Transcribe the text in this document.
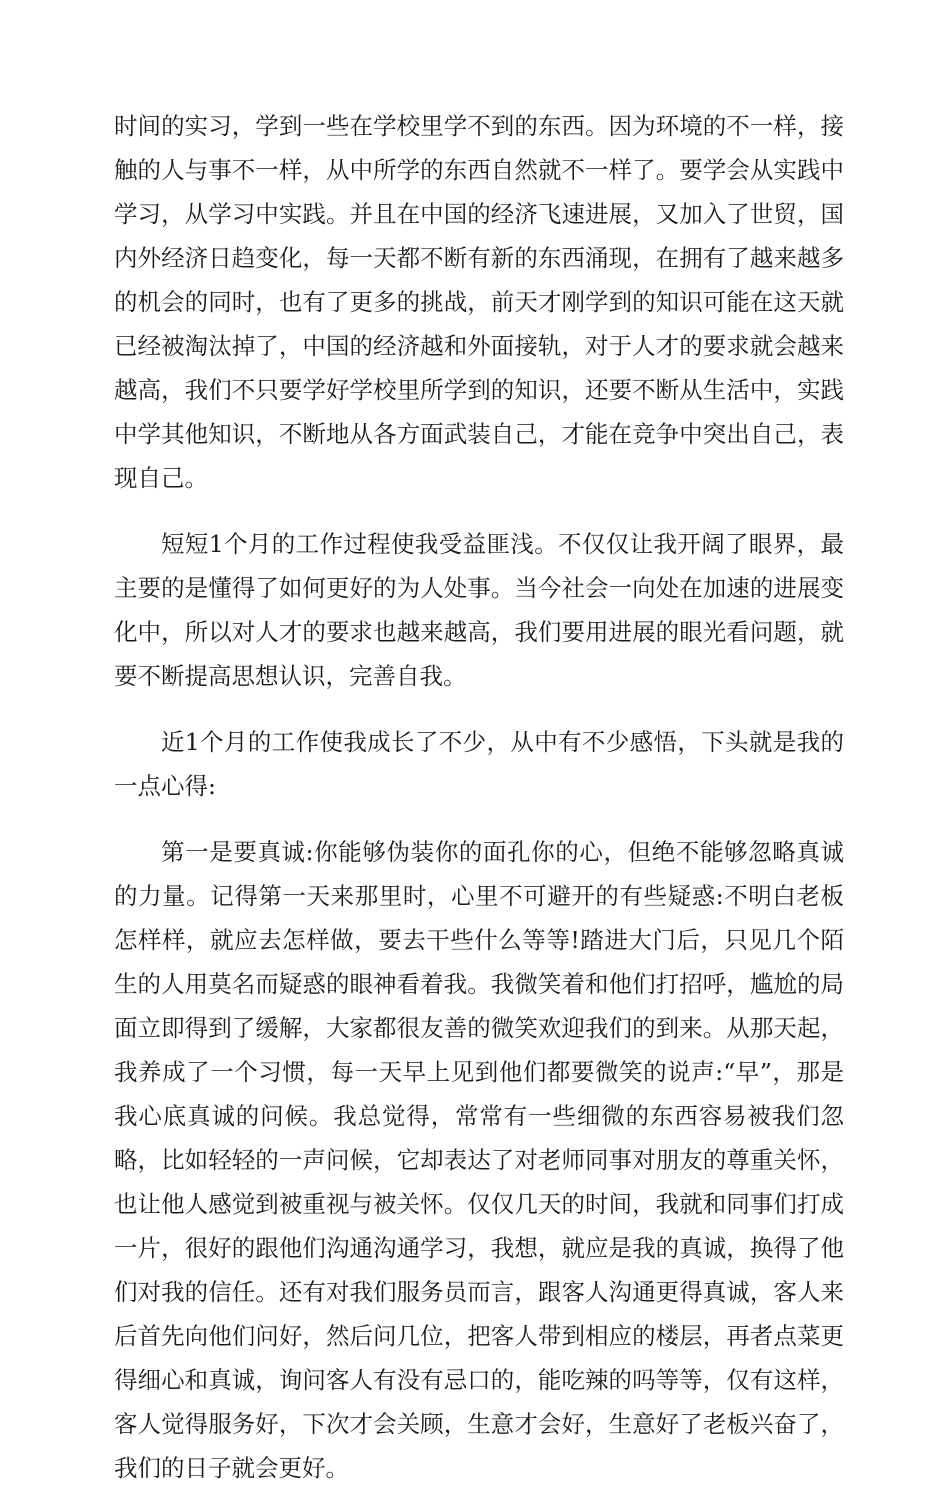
时间的实习，学到一些在学校里学不到的东西。因为环境的不一样，接触的人与事不一样，从中所学的东西自然就不一样了。要学会从实践中学习，从学习中实践。并且在中国的经济飞速进展，又加入了世贸，国内外经济日趋变化，每一天都不断有新的东西涌现，在拥有了越来越多的机会的同时，也有了更多的挑战，前天才刚学到的知识可能在这天就已经被淘汰掉了，中国的经济越和外面接轨，对于人才的要求就会越来越高，我们不只要学好学校里所学到的知识，还要不断从生活中，实践中学其他知识，不断地从各方面武装自己，才能在竞争中突出自己，表现自己。

短短1个月的工作过程使我受益匪浅。不仅仅让我开阔了眼界，最主要的是懂得了如何更好的为人处事。当今社会一向处在加速的进展变化中，所以对人才的要求也越来越高，我们要用进展的眼光看问题，就要不断提高思想认识，完善自我。

近1个月的工作使我成长了不少，从中有不少感悟，下头就是我的一点心得:

第一是要真诚:你能够伪装你的面孔你的心，但绝不能够忽略真诚的力量。记得第一天来那里时，心里不可避开的有些疑惑:不明白老板怎样样，就应去怎样做，要去干些什么等等!踏进大门后，只见几个陌生的人用莫名而疑惑的眼神看着我。我微笑着和他们打招呼，尴尬的局面立即得到了缓解，大家都很友善的微笑欢迎我们的到来。从那天起，我养成了一个习惯，每一天早上见到他们都要微笑的说声:“早”，那是我心底真诚的问候。我总觉得，常常有一些细微的东西容易被我们忽略，比如轻轻的一声问候，它却表达了对老师同事对朋友的尊重关怀，也让他人感觉到被重视与被关怀。仅仅几天的时间，我就和同事们打成一片，很好的跟他们沟通沟通学习，我想，就应是我的真诚，换得了他们对我的信任。还有对我们服务员而言，跟客人沟通更得真诚，客人来后首先向他们问好，然后问几位，把客人带到相应的楼层，再者点菜更得细心和真诚，询问客人有没有忌口的，能吃辣的吗等等，仅有这样，客人觉得服务好，下次才会关顾，生意才会好，生意好了老板兴奋了，我们的日子就会更好。
